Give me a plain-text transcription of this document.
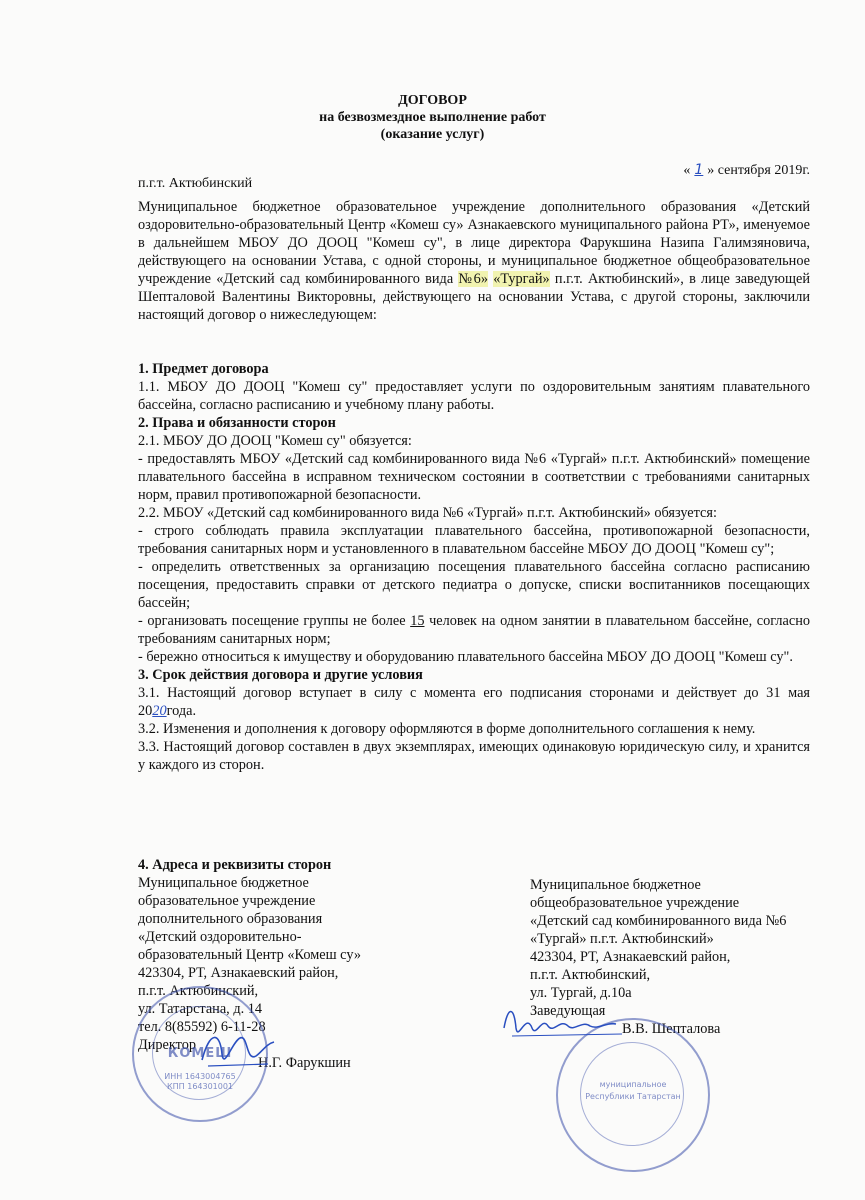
ДОГОВОР
на безвозмездное выполнение работ
(оказание услуг)
п.г.т. Актюбинский
« 1 » сентября 2019г.

Муниципальное бюджетное образовательное учреждение дополнительного образования «Детский оздоровительно-образовательный Центр «Комеш су» Азнакаевского муниципального района РТ», именуемое в дальнейшем МБОУ ДО ДООЦ "Комеш су", в лице директора Фарукшина Назипа Галимзяновича, действующего на основании Устава, с одной стороны, и муниципальное бюджетное общеобразовательное учреждение «Детский сад комбинированного вида №6» «Тургай» п.г.т. Актюбинский», в лице заведующей Шепталовой Валентины Викторовны, действующего на основании Устава, с другой стороны, заключили настоящий договор о нижеследующем:

1. Предмет договора

1.1. МБОУ ДО ДООЦ "Комеш су" предоставляет услуги по оздоровительным занятиям плавательного бассейна, согласно расписанию и учебному плану работы.

2. Права и обязанности сторон

2.1. МБОУ ДО ДООЦ "Комеш су" обязуется:

- предоставлять МБОУ «Детский сад комбинированного вида №6 «Тургай» п.г.т. Актюбинский» помещение плавательного бассейна в исправном техническом состоянии в соответствии с требованиями санитарных норм, правил противопожарной безопасности.

2.2. МБОУ «Детский сад комбинированного вида №6 «Тургай» п.г.т. Актюбинский» обязуется:

- строго соблюдать правила эксплуатации плавательного бассейна, противопожарной безопасности, требования санитарных норм и установленного в плавательном бассейне МБОУ ДО ДООЦ "Комеш су";

- определить ответственных за организацию посещения плавательного бассейна согласно расписанию посещения, предоставить справки от детского педиатра о допуске, списки воспитанников посещающих бассейн;

- организовать посещение группы не более 15 человек на одном занятии в плавательном бассейне, согласно требованиям санитарных норм;

- бережно относиться к имуществу и оборудованию плавательного бассейна МБОУ ДО ДООЦ "Комеш су".

3. Срок действия договора и другие условия

3.1. Настоящий договор вступает в силу с момента его подписания сторонами и действует до 31 мая 2020года.

3.2. Изменения и дополнения к договору оформляются в форме дополнительного соглашения к нему.

3.3. Настоящий договор составлен в двух экземплярах, имеющих одинаковую юридическую силу, и хранится у каждого из сторон.

4. Адреса и реквизиты сторон

Муниципальное бюджетное

образовательное учреждение

дополнительного образования

«Детский оздоровительно-

образовательный Центр «Комеш су»

423304, РТ, Азнакаевский район,

п.г.т. Актюбинский,

ул. Татарстана, д. 14

тел. 8(85592) 6-11-28

Директор

Н.Г. Фарукшин

Муниципальное бюджетное

общеобразовательное учреждение

«Детский сад комбинированного вида №6

«Тургай» п.г.т. Актюбинский»

423304, РТ, Азнакаевский район,

п.г.т. Актюбинский,

ул. Тургай, д.10а

Заведующая

В.В. Шепталова

КОМЕШ
ИНН 1643004765
КПП 164301001	муниципальное
Республики Татарстан
